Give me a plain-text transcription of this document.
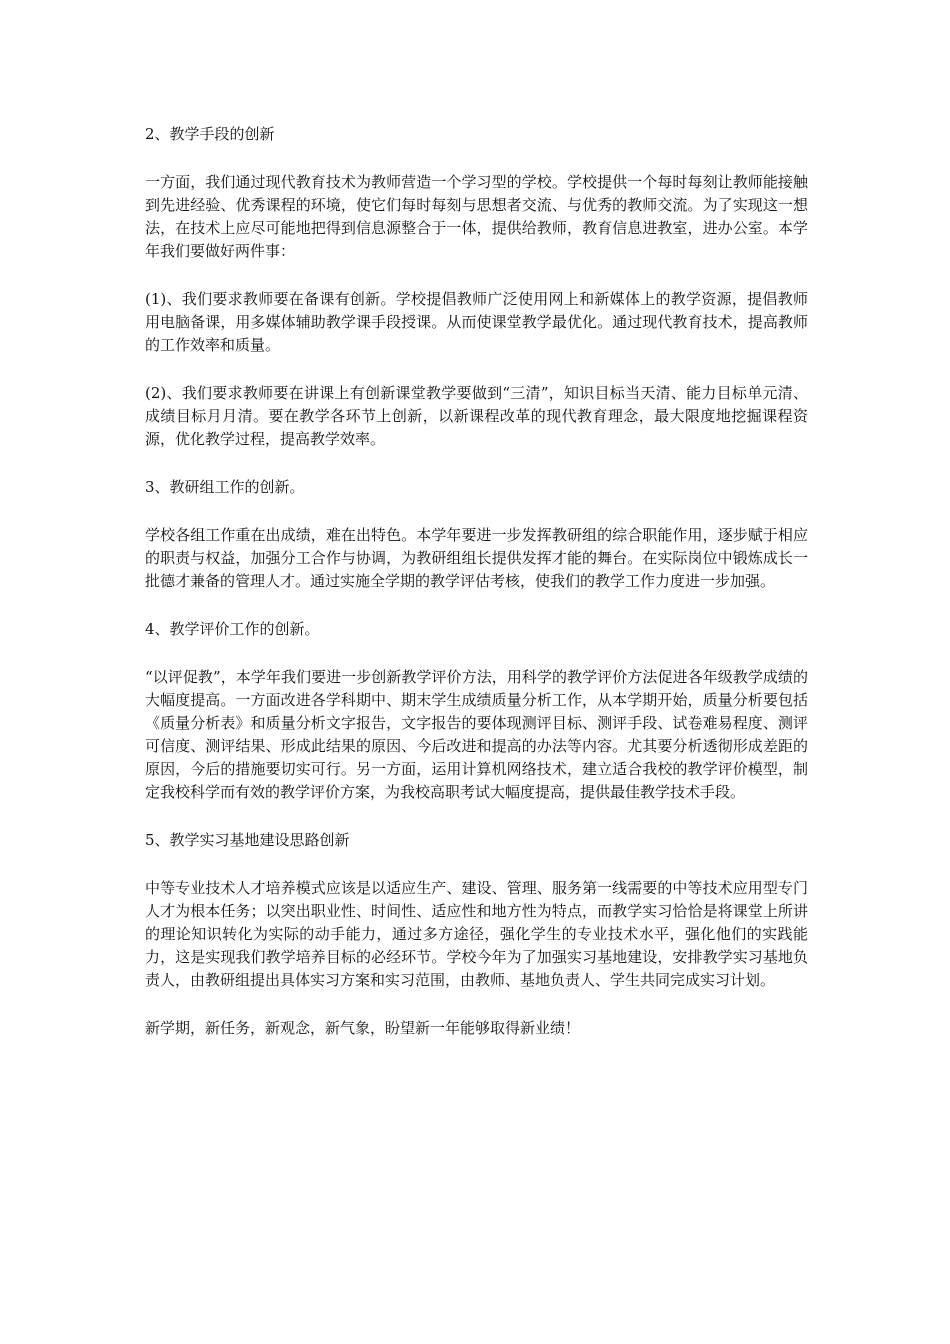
2、教学手段的创新

一方面，我们通过现代教育技术为教师营造一个学习型的学校。学校提供一个每时每刻让教师能接触到先进经验、优秀课程的环境，使它们每时每刻与思想者交流、与优秀的教师交流。为了实现这一想法，在技术上应尽可能地把得到信息源整合于一体，提供给教师，教育信息进教室，进办公室。本学年我们要做好两件事：

(1)、我们要求教师要在备课有创新。学校提倡教师广泛使用网上和新媒体上的教学资源，提倡教师用电脑备课，用多媒体辅助教学课手段授课。从而使课堂教学最优化。通过现代教育技术，提高教师的工作效率和质量。

(2)、我们要求教师要在讲课上有创新课堂教学要做到“三清”，知识目标当天清、能力目标单元清、成绩目标月月清。要在教学各环节上创新，以新课程改革的现代教育理念，最大限度地挖掘课程资源，优化教学过程，提高教学效率。

3、教研组工作的创新。

学校各组工作重在出成绩，难在出特色。本学年要进一步发挥教研组的综合职能作用，逐步赋于相应的职责与权益，加强分工合作与协调，为教研组组长提供发挥才能的舞台。在实际岗位中锻炼成长一批德才兼备的管理人才。通过实施全学期的教学评估考核，使我们的教学工作力度进一步加强。

4、教学评价工作的创新。

“以评促教”，本学年我们要进一步创新教学评价方法，用科学的教学评价方法促进各年级教学成绩的大幅度提高。一方面改进各学科期中、期末学生成绩质量分析工作，从本学期开始，质量分析要包括《质量分析表》和质量分析文字报告，文字报告的要体现测评目标、测评手段、试卷难易程度、测评可信度、测评结果、形成此结果的原因、今后改进和提高的办法等内容。尤其要分析透彻形成差距的原因，今后的措施要切实可行。另一方面，运用计算机网络技术，建立适合我校的教学评价模型，制定我校科学而有效的教学评价方案，为我校高职考试大幅度提高，提供最佳教学技术手段。

5、教学实习基地建设思路创新

中等专业技术人才培养模式应该是以适应生产、建设、管理、服务第一线需要的中等技术应用型专门人才为根本任务；以突出职业性、时间性、适应性和地方性为特点，而教学实习恰恰是将课堂上所讲的理论知识转化为实际的动手能力，通过多方途径，强化学生的专业技术水平，强化他们的实践能力，这是实现我们教学培养目标的必经环节。学校今年为了加强实习基地建设，安排教学实习基地负责人，由教研组提出具体实习方案和实习范围，由教师、基地负责人、学生共同完成实习计划。

新学期，新任务，新观念，新气象，盼望新一年能够取得新业绩！
